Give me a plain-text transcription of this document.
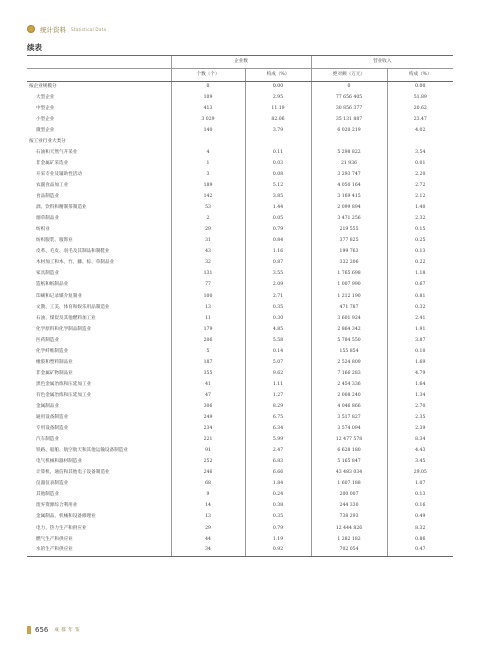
统计资料 Statistical Data
续表
	企业数		营业收入	
	个数（个）	构成（%）	绝对额（万元）	构成（%）
按企业规模分	0	0.00	0	0.00
大型企业	109	2.95	77 656 405	51.89
中型企业	413	11.19	30 856 377	20.62
小型企业	3 029	82.06	35 131 887	23.47
微型企业	140	3.79	6 020 219	4.02
按工业行业大类分				
石油和天然气开采业	4	0.11	5 298 822	3.54
非金属矿采选业	1	0.03	21 936	0.01
开采专业及辅助性活动	3	0.08	3 293 747	2.20
农副食品加工业	189	5.12	4 050 164	2.72
食品制造业	142	3.85	3 169 415	2.12
酒、饮料和精制茶制造业	53	1.44	2 099 894	1.40
烟草制品业	2	0.05	3 471 256	2.32
纺织业	29	0.79	219 555	0.15
纺织服装、服饰业	31	0.84	377 825	0.25
皮革、毛皮、羽毛及其制品和制鞋业	43	1.16	199 763	0.13
木材加工和木、竹、藤、棕、草制品业	32	0.87	332 206	0.22
家具制造业	131	3.55	1 765 698	1.18
造纸和纸制品业	77	2.09	1 007 990	0.67
印刷和记录媒介复制业	100	2.71	1 212 190	0.81
文教、工美、体育和娱乐用品制造业	13	0.35	471 787	0.32
石油、煤炭及其他燃料加工业	11	0.30	3 601 924	2.41
化学原料和化学制品制造业	179	4.85	2 864 342	1.91
医药制造业	206	5.58	5 784 550	3.87
化学纤维制造业	5	0.14	155 854	0.10
橡胶和塑料制品业	187	5.07	2 524 809	1.69
非金属矿物制品业	355	9.62	7 166 283	4.79
黑色金属冶炼和压延加工业	41	1.11	2 454 336	1.64
有色金属冶炼和压延加工业	47	1.27	2 008 240	1.34
金属制品业	306	8.29	4 046 866	2.70
通用设备制造业	249	6.75	3 517 827	2.35
专用设备制造业	234	6.34	3 574 094	2.39
汽车制造业	221	5.99	12 477 578	8.34
铁路、船舶、航空航天和其他运输设备制造业	91	2.47	6 628 180	4.43
电气机械和器材制造业	252	6.83	5 165 847	3.45
计算机、通信和其他电子设备制造业	246	6.66	43 483 034	29.05
仪器仪表制造业	68	1.84	1 607 188	1.07
其他制造业	9	0.24	200 007	0.13
废弃资源综合利用业	14	0.38	244 330	0.16
金属制品、机械和设备修理业	13	0.35	738 293	0.49
电力、热力生产和供应业	29	0.79	12 444 826	8.32
燃气生产和供应业	44	1.19	1 282 182	0.86
水的生产和供应业	34	0.92	702 054	0.47
656 成 都 年 鉴
